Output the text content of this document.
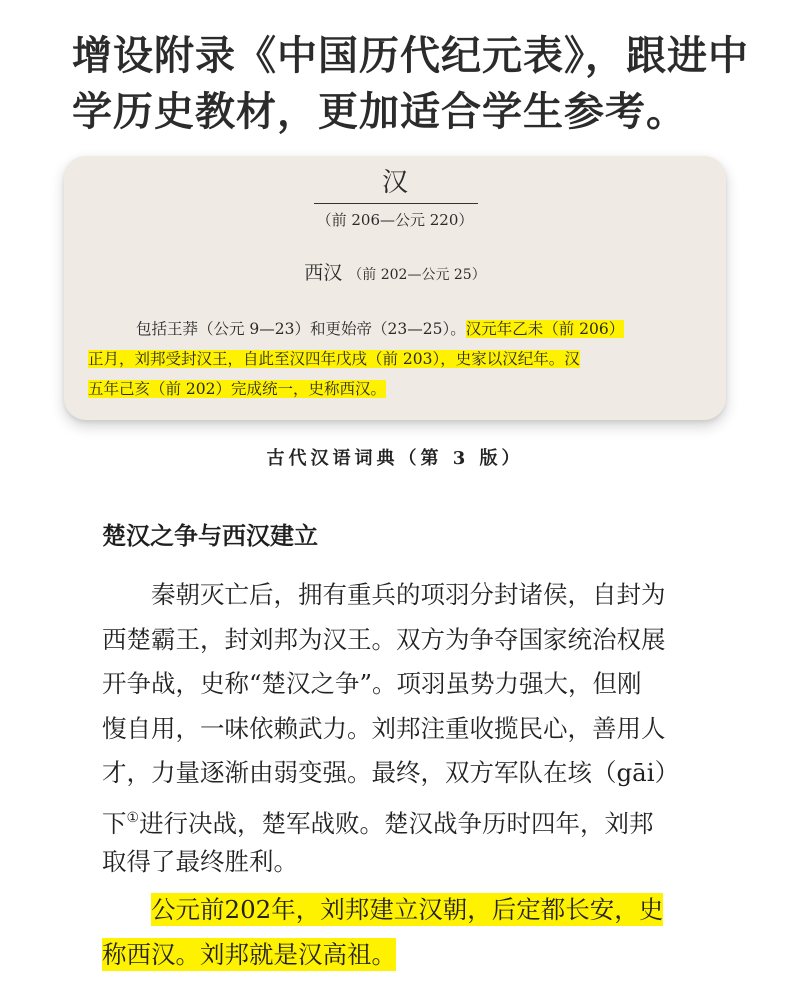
增设附录《中国历代纪元表》，跟进中
学历史教材，更加适合学生参考。
汉
（前 206—公元 220）
西汉 （前 202—公元 25）
包括王莽（公元 9—23）和更始帝（23—25）。汉元年乙未（前 206）
正月，刘邦受封汉王，自此至汉四年戊戌（前 203），史家以汉纪年。汉
五年己亥（前 202）完成统一，史称西汉。
古代汉语词典（第 3 版）
楚汉之争与西汉建立
秦朝灭亡后，拥有重兵的项羽分封诸侯，自封为
西楚霸王，封刘邦为汉王。双方为争夺国家统治权展
开争战，史称“楚汉之争”。项羽虽势力强大，但刚
愎自用，一味依赖武力。刘邦注重收揽民心，善用人
才，力量逐渐由弱变强。最终，双方军队在垓（gāi）
下①进行决战，楚军战败。楚汉战争历时四年，刘邦
取得了最终胜利。
公元前202年，刘邦建立汉朝，后定都长安，史
称西汉。刘邦就是汉高祖。
